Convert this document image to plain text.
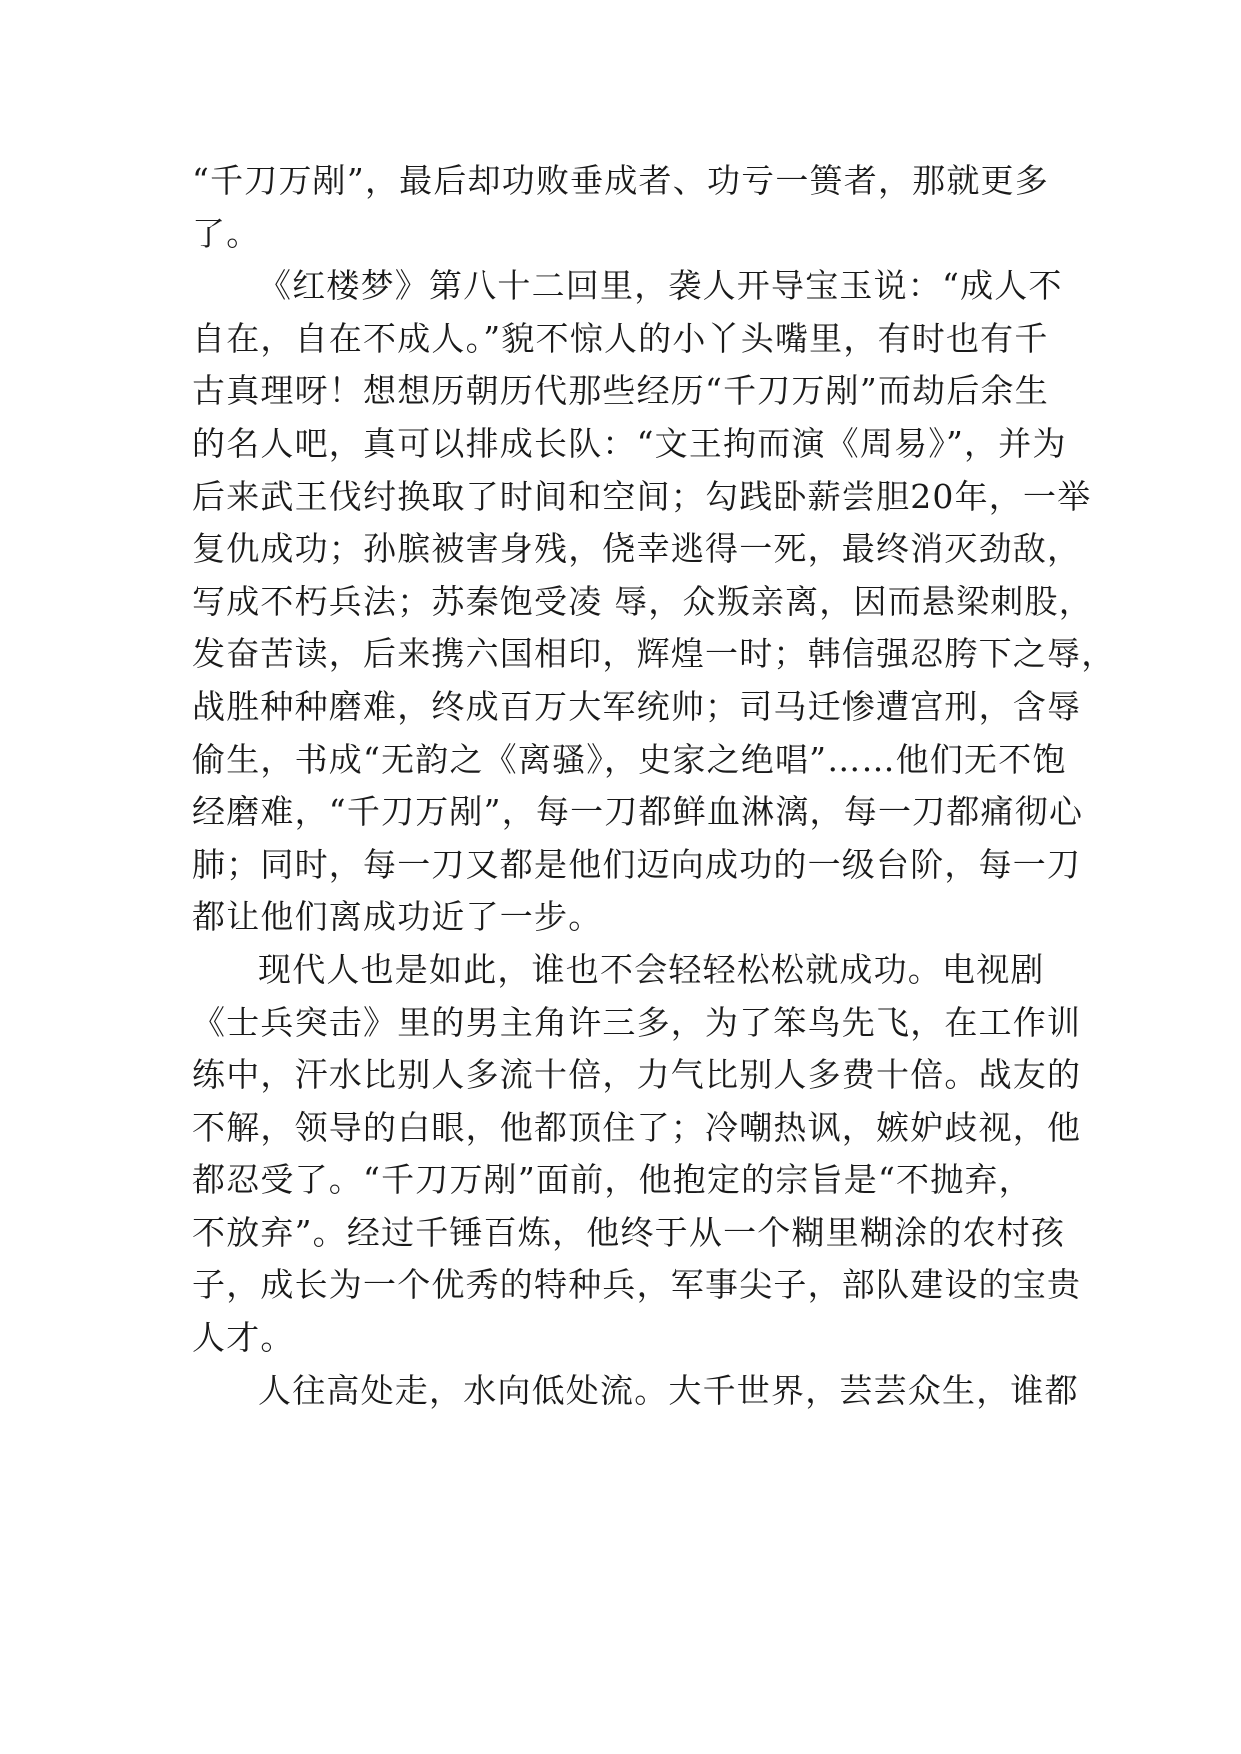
“千刀万剐”，最后却功败垂成者、功亏一篑者，那就更多
了。
《红楼梦》第八十二回里，袭人开导宝玉说：“成人不
自在，自在不成人。”貌不惊人的小丫头嘴里，有时也有千
古真理呀！想想历朝历代那些经历“千刀万剐”而劫后余生
的名人吧，真可以排成长队：“文王拘而演《周易》”，并为
后来武王伐纣换取了时间和空间；勾践卧薪尝胆20年，一举
复仇成功；孙膑被害身残，侥幸逃得一死，最终消灭劲敌，
写成不朽兵法；苏秦饱受凌 辱，众叛亲离，因而悬梁刺股，
发奋苦读，后来携六国相印，辉煌一时；韩信强忍胯下之辱，
战胜种种磨难，终成百万大军统帅；司马迁惨遭宫刑，含辱
偷生，书成“无韵之《离骚》，史家之绝唱”……他们无不饱
经磨难，“千刀万剐”，每一刀都鲜血淋漓，每一刀都痛彻心
肺；同时，每一刀又都是他们迈向成功的一级台阶，每一刀
都让他们离成功近了一步。
现代人也是如此，谁也不会轻轻松松就成功。电视剧
《士兵突击》里的男主角许三多，为了笨鸟先飞，在工作训
练中，汗水比别人多流十倍，力气比别人多费十倍。战友的
不解，领导的白眼，他都顶住了；冷嘲热讽，嫉妒歧视，他
都忍受了。“千刀万剐”面前，他抱定的宗旨是“不抛弃，
不放弃”。经过千锤百炼，他终于从一个糊里糊涂的农村孩
子，成长为一个优秀的特种兵，军事尖子，部队建设的宝贵
人才。
人往高处走，水向低处流。大千世界，芸芸众生，谁都
